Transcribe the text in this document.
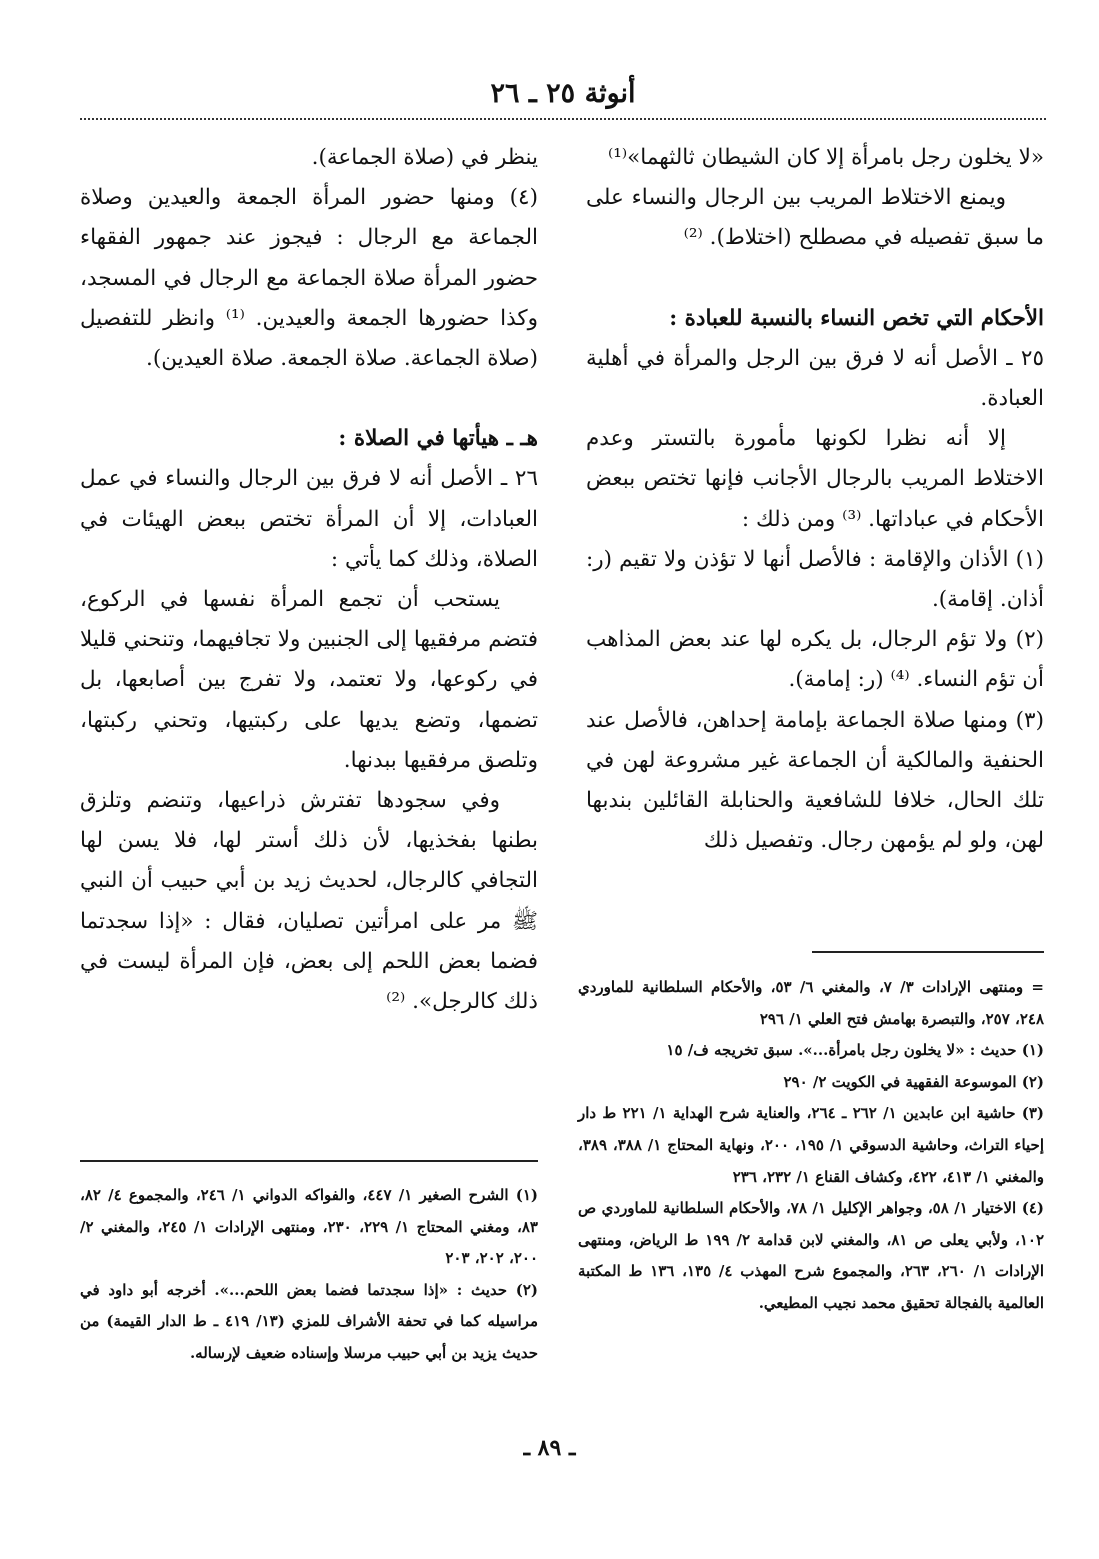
أنوثة ٢٥ ـ ٢٦

«لا يخلون رجل بامرأة إلا كان الشيطان ثالثهما»⁽¹⁾

ويمنع الاختلاط المريب بين الرجال والنساء على ما سبق تفصيله في مصطلح (اختلاط). ⁽²⁾

الأحكام التي تخص النساء بالنسبة للعبادة :

٢٥ ـ الأصل أنه لا فرق بين الرجل والمرأة في أهلية العبادة.

إلا أنه نظرا لكونها مأمورة بالتستر وعدم الاختلاط المريب بالرجال الأجانب فإنها تختص ببعض الأحكام في عباداتها. ⁽³⁾ ومن ذلك :

(١) الأذان والإقامة : فالأصل أنها لا تؤذن ولا تقيم (ر: أذان. إقامة).

(٢) ولا تؤم الرجال، بل يكره لها عند بعض المذاهب أن تؤم النساء. ⁽⁴⁾ (ر: إمامة).

(٣) ومنها صلاة الجماعة بإمامة إحداهن، فالأصل عند الحنفية والمالكية أن الجماعة غير مشروعة لهن في تلك الحال، خلافا للشافعية والحنابلة القائلين بندبها لهن، ولو لم يؤمهن رجال. وتفصيل ذلك

ينظر في (صلاة الجماعة).

(٤) ومنها حضور المرأة الجمعة والعيدين وصلاة الجماعة مع الرجال : فيجوز عند جمهور الفقهاء حضور المرأة صلاة الجماعة مع الرجال في المسجد، وكذا حضورها الجمعة والعيدين. ⁽¹⁾ وانظر للتفصيل (صلاة الجماعة. صلاة الجمعة. صلاة العيدين).

هـ ـ هيأتها في الصلاة :

٢٦ ـ الأصل أنه لا فرق بين الرجال والنساء في عمل العبادات، إلا أن المرأة تختص ببعض الهيئات في الصلاة، وذلك كما يأتي :

يستحب أن تجمع المرأة نفسها في الركوع، فتضم مرفقيها إلى الجنبين ولا تجافيهما، وتنحني قليلا في ركوعها، ولا تعتمد، ولا تفرج بين أصابعها، بل تضمها، وتضع يديها على ركبتيها، وتحني ركبتها، وتلصق مرفقيها ببدنها.

وفي سجودها تفترش ذراعيها، وتنضم وتلزق بطنها بفخذيها، لأن ذلك أستر لها، فلا يسن لها التجافي كالرجال، لحديث زيد بن أبي حبيب أن النبي ﷺ مر على امرأتين تصليان، فقال : «إذا سجدتما فضما بعض اللحم إلى بعض، فإن المرأة ليست في ذلك كالرجل». ⁽²⁾

= ومنتهى الإرادات ٣/ ٧، والمغني ٦/ ٥٣، والأحكام السلطانية للماوردي ٢٤٨، ٢٥٧، والتبصرة بهامش فتح العلي ١/ ٢٩٦

(١) حديث : «لا يخلون رجل بامرأة...». سبق تخريجه ف/ ١٥

(٢) الموسوعة الفقهية في الكويت ٢/ ٢٩٠

(٣) حاشية ابن عابدين ١/ ٢٦٢ ـ ٢٦٤، والعناية شرح الهداية ١/ ٢٢١ ط دار إحياء التراث، وحاشية الدسوقي ١/ ١٩٥، ٢٠٠، ونهاية المحتاج ١/ ٣٨٨، ٣٨٩، والمغني ١/ ٤١٣، ٤٢٢، وكشاف القناع ١/ ٢٣٢، ٢٣٦

(٤) الاختيار ١/ ٥٨، وجواهر الإكليل ١/ ٧٨، والأحكام السلطانية للماوردي ص ١٠٢، ولأبي يعلى ص ٨١، والمغني لابن قدامة ٢/ ١٩٩ ط الرياض، ومنتهى الإرادات ١/ ٢٦٠، ٢٦٣، والمجموع شرح المهذب ٤/ ١٣٥، ١٣٦ ط المكتبة العالمية بالفجالة تحقيق محمد نجيب المطيعي.

(١) الشرح الصغير ١/ ٤٤٧، والفواكه الدواني ١/ ٢٤٦، والمجموع ٤/ ٨٢، ٨٣، ومغني المحتاج ١/ ٢٢٩، ٢٣٠، ومنتهى الإرادات ١/ ٢٤٥، والمغني ٢/ ٢٠٠، ٢٠٢، ٢٠٣

(٢) حديث : «إذا سجدتما فضما بعض اللحم...». أخرجه أبو داود في مراسيله كما في تحفة الأشراف للمزي (١٣/ ٤١٩ ـ ط الدار القيمة) من حديث يزيد بن أبي حبيب مرسلا وإسناده ضعيف لإرساله.

ـ ٨٩ ـ
